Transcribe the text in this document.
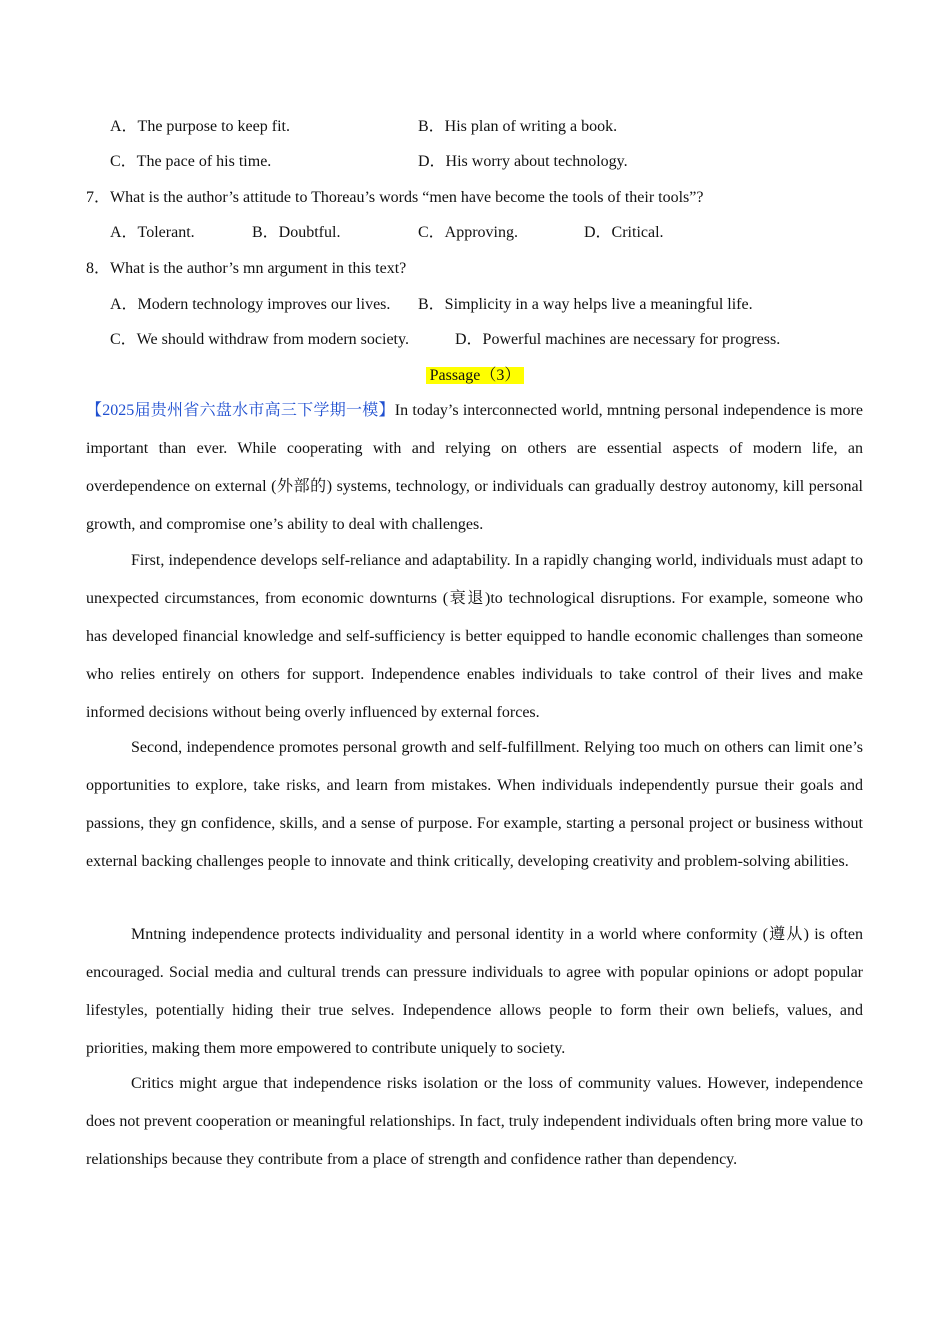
A．The purpose to keep fit.	B．His plan of writing a book.
C．The pace of his time.	D．His worry about technology.
7．What is the author’s attitude to Thoreau’s words “men have become the tools of their tools”?
A．Tolerant.	B．Doubtful.	C．Approving.	D．Critical.
8．What is the author’s mn argument in this text?
A．Modern technology improves our lives. B．Simplicity in a way helps live a meaningful life.
C．We should withdraw from modern society.	D．Powerful machines are necessary for progress.
Passage（3）

【2025届贵州省六盘水市高三下学期一模】In today’s interconnected world, mntning personal independence is more important than ever. While cooperating with and relying on others are essential aspects of modern life, an overdependence on external (外部的) systems, technology, or individuals can gradually destroy autonomy, kill personal growth, and compromise one’s ability to deal with challenges.

First, independence develops self-reliance and adaptability. In a rapidly changing world, individuals must adapt to unexpected circumstances, from economic downturns (衰退)to technological disruptions. For example, someone who has developed financial knowledge and self-sufficiency is better equipped to handle economic challenges than someone who relies entirely on others for support. Independence enables individuals to take control of their lives and make informed decisions without being overly influenced by external forces.

Second, independence promotes personal growth and self-fulfillment. Relying too much on others can limit one’s opportunities to explore, take risks, and learn from mistakes. When individuals independently pursue their goals and passions, they gn confidence, skills, and a sense of purpose. For example, starting a personal project or business without external backing challenges people to innovate and think critically, developing creativity and problem-solving abilities.

Mntning independence protects individuality and personal identity in a world where conformity (遵从) is often encouraged. Social media and cultural trends can pressure individuals to agree with popular opinions or adopt popular lifestyles, potentially hiding their true selves. Independence allows people to form their own beliefs, values, and priorities, making them more empowered to contribute uniquely to society.

Critics might argue that independence risks isolation or the loss of community values. However, independence does not prevent cooperation or meaningful relationships. In fact, truly independent individuals often bring more value to relationships because they contribute from a place of strength and confidence rather than dependency.
